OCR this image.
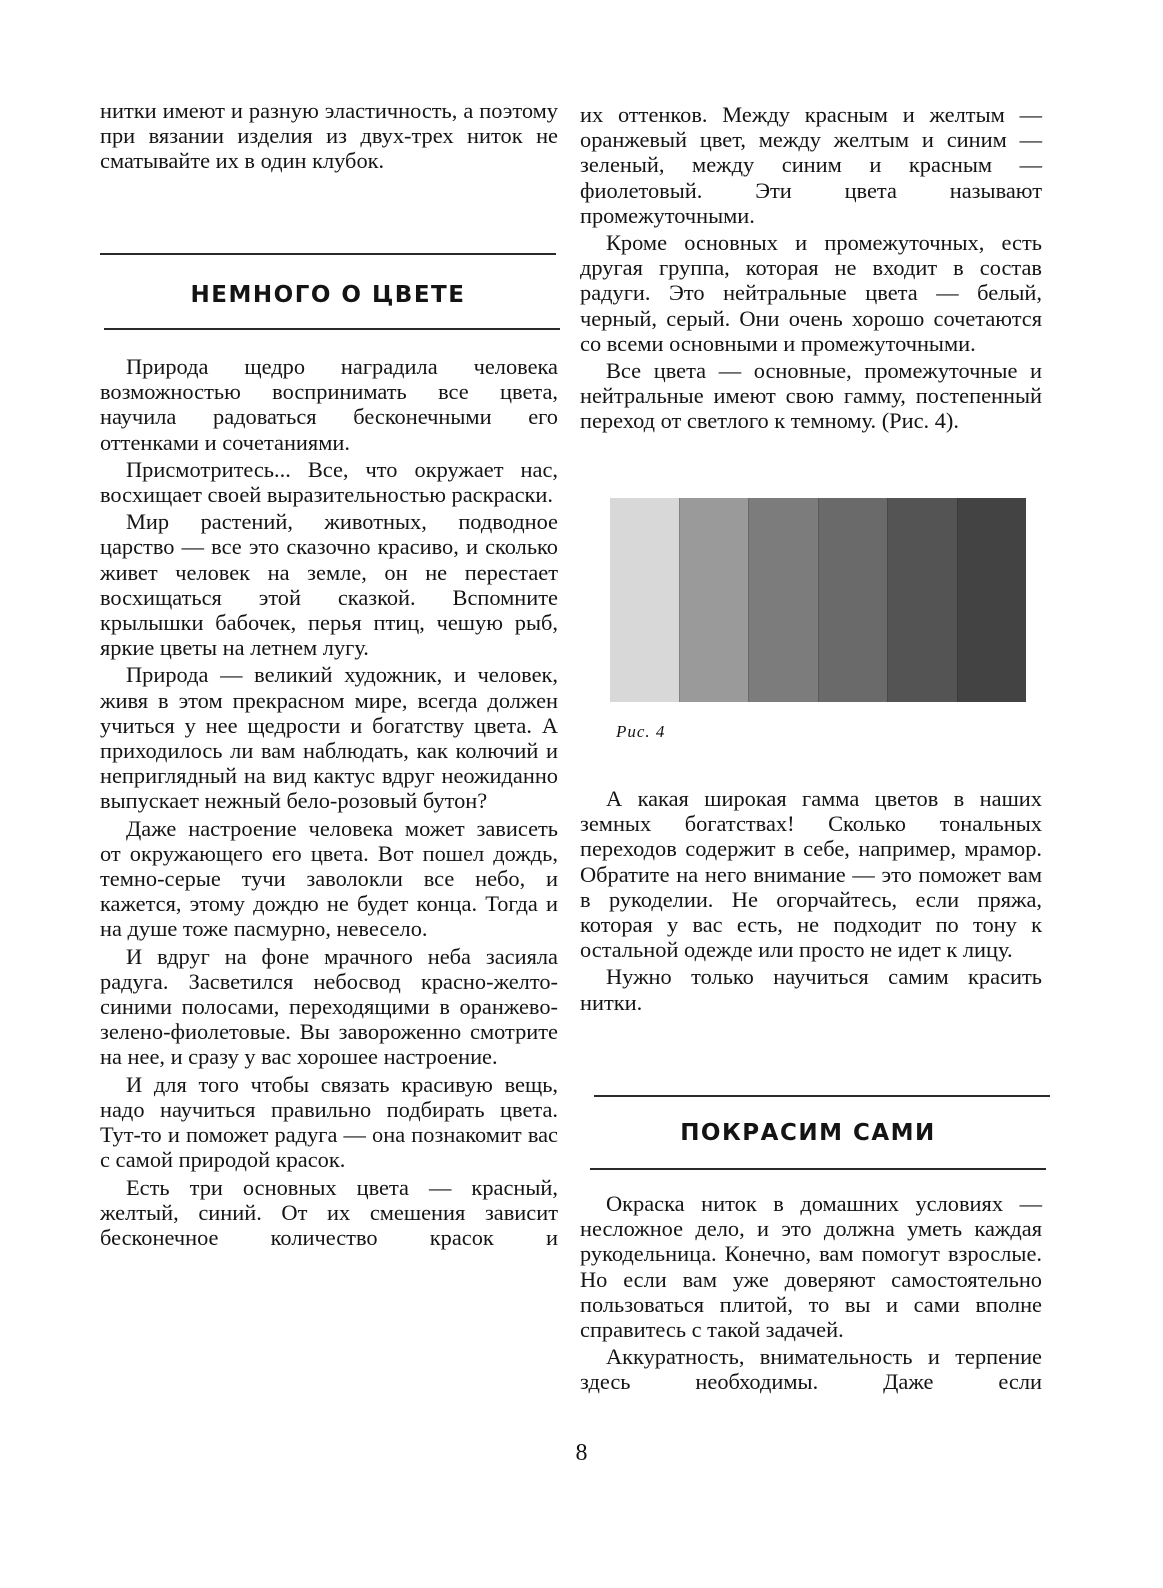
нитки имеют и разную эластичность, а поэтому при вязании изделия из двух-трех ниток не сматывайте их в один клубок.

НЕМНОГО О ЦВЕТЕ

Природа щедро наградила человека возможностью воспринимать все цвета, научила радоваться бесконечными его оттенками и сочетаниями.

Присмотритесь... Все, что окружает нас, восхищает своей выразительностью раскраски.

Мир растений, животных, подводное царство — все это сказочно красиво, и сколько живет человек на земле, он не перестает восхищаться этой сказкой. Вспомните крылышки бабочек, перья птиц, чешую рыб, яркие цветы на летнем лугу.

Природа — великий художник, и человек, живя в этом прекрасном мире, всегда должен учиться у нее щедрости и богатству цвета. А приходилось ли вам наблюдать, как колючий и неприглядный на вид кактус вдруг неожиданно выпускает нежный бело-розовый бутон?

Даже настроение человека может зависеть от окружающего его цвета. Вот пошел дождь, темно-серые тучи заволокли все небо, и кажется, этому дождю не будет конца. Тогда и на душе тоже пасмурно, невесело.

И вдруг на фоне мрачного неба засияла радуга. Засветился небосвод красно-желто-синими полосами, переходящими в оранжево-зелено-фиолетовые. Вы завороженно смотрите на нее, и сразу у вас хорошее настроение.

И для того чтобы связать красивую вещь, надо научиться правильно подбирать цвета. Тут-то и поможет радуга — она познакомит вас с самой природой красок.

Есть три основных цвета — красный, желтый, синий. От их смешения зависит бесконечное количество красок и

их оттенков. Между красным и желтым — оранжевый цвет, между желтым и синим — зеленый, между синим и красным — фиолетовый. Эти цвета называют промежуточными.

Кроме основных и промежуточных, есть другая группа, которая не входит в состав радуги. Это нейтральные цвета — белый, черный, серый. Они очень хорошо сочетаются со всеми основными и промежуточными.

Все цвета — основные, промежуточные и нейтральные имеют свою гамму, постепенный переход от светлого к темному. (Рис. 4).

Рис. 4

А какая широкая гамма цветов в наших земных богатствах! Сколько тональных переходов содержит в себе, например, мрамор. Обратите на него внимание — это поможет вам в рукоделии. Не огорчайтесь, если пряжа, которая у вас есть, не подходит по тону к остальной одежде или просто не идет к лицу.

Нужно только научиться самим красить нитки.

ПОКРАСИМ САМИ

Окраска ниток в домашних условиях — несложное дело, и это должна уметь каждая рукодельница. Конечно, вам помогут взрослые. Но если вам уже доверяют самостоятельно пользоваться плитой, то вы и сами вполне справитесь с такой задачей.

Аккуратность, внимательность и терпение здесь необходимы. Даже если

8
